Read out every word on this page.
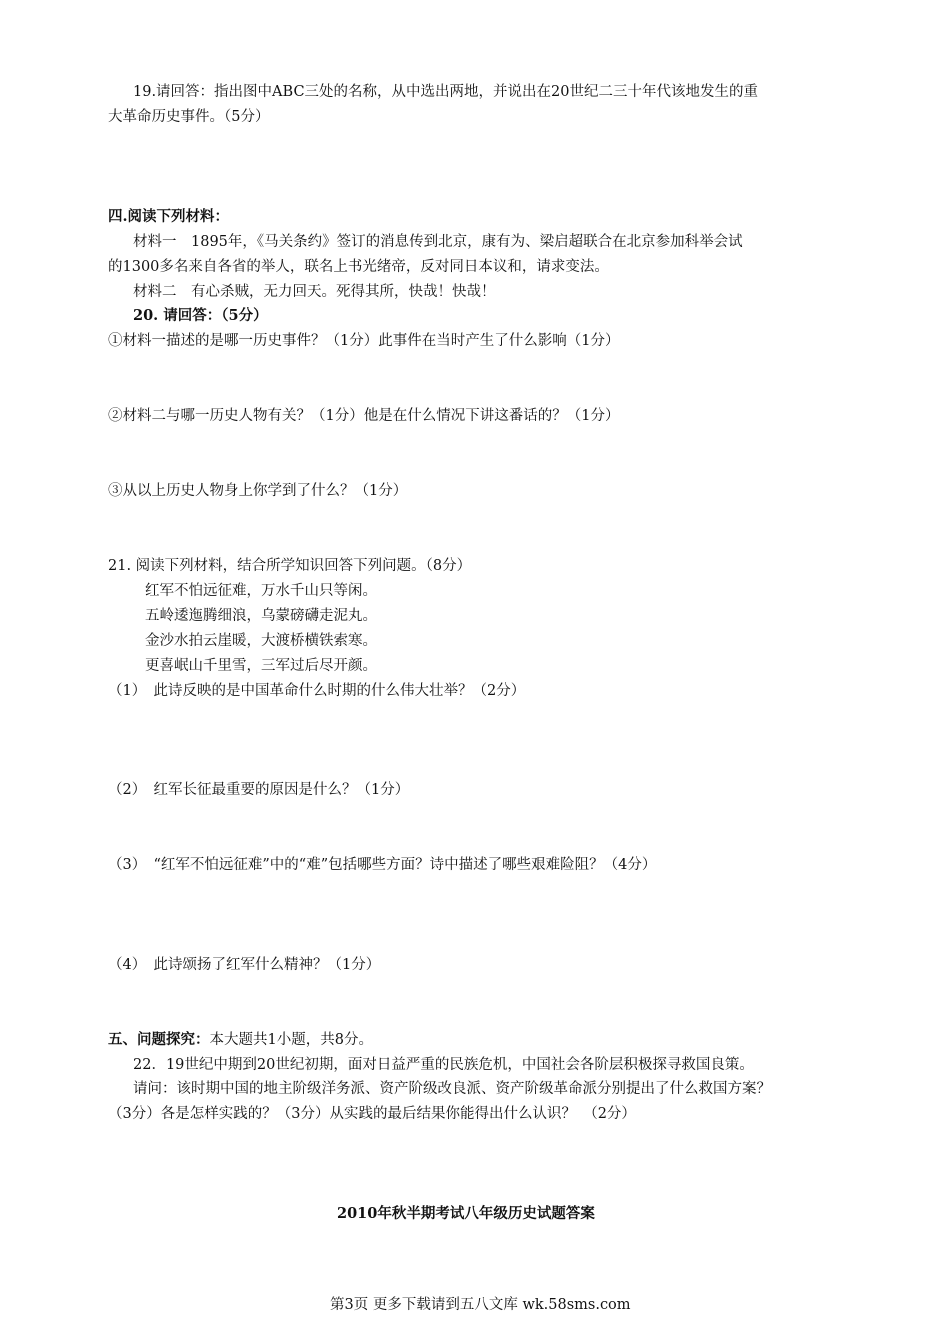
19.请回答：指出图中ABC三处的名称，从中选出两地，并说出在20世纪二三十年代该地发生的重
大革命历史事件。（5分）
四.阅读下列材料：
材料一　1895年，《马关条约》签订的消息传到北京，康有为、梁启超联合在北京参加科举会试
的1300多名来自各省的举人，联名上书光绪帝，反对同日本议和，请求变法。
材料二　有心杀贼，无力回天。死得其所，快哉！快哉！
20. 请回答：（5分）
①材料一描述的是哪一历史事件？（1分）此事件在当时产生了什么影响（1分）
②材料二与哪一历史人物有关？（1分）他是在什么情况下讲这番话的？（1分）
③从以上历史人物身上你学到了什么？（1分）
21. 阅读下列材料，结合所学知识回答下列问题。（8分）
红军不怕远征难，万水千山只等闲。
五岭逶迤腾细浪，乌蒙磅礴走泥丸。
金沙水拍云崖暖，大渡桥横铁索寒。
更喜岷山千里雪，三军过后尽开颜。
（1）　此诗反映的是中国革命什么时期的什么伟大壮举？（2分）
（2）　红军长征最重要的原因是什么？（1分）
（3）　“红军不怕远征难”中的“难”包括哪些方面？诗中描述了哪些艰难险阻？（4分）
（4）　此诗颂扬了红军什么精神？（1分）
五、问题探究：本大题共1小题，共8分。
22．19世纪中期到20世纪初期，面对日益严重的民族危机，中国社会各阶层积极探寻救国良策。
请问：该时期中国的地主阶级洋务派、资产阶级改良派、资产阶级革命派分别提出了什么救国方案？
（3分）各是怎样实践的？（3分）从实践的最后结果你能得出什么认识？　（2分）
2010年秋半期考试八年级历史试题答案
第3页 更多下载请到五八文库 wk.58sms.com
